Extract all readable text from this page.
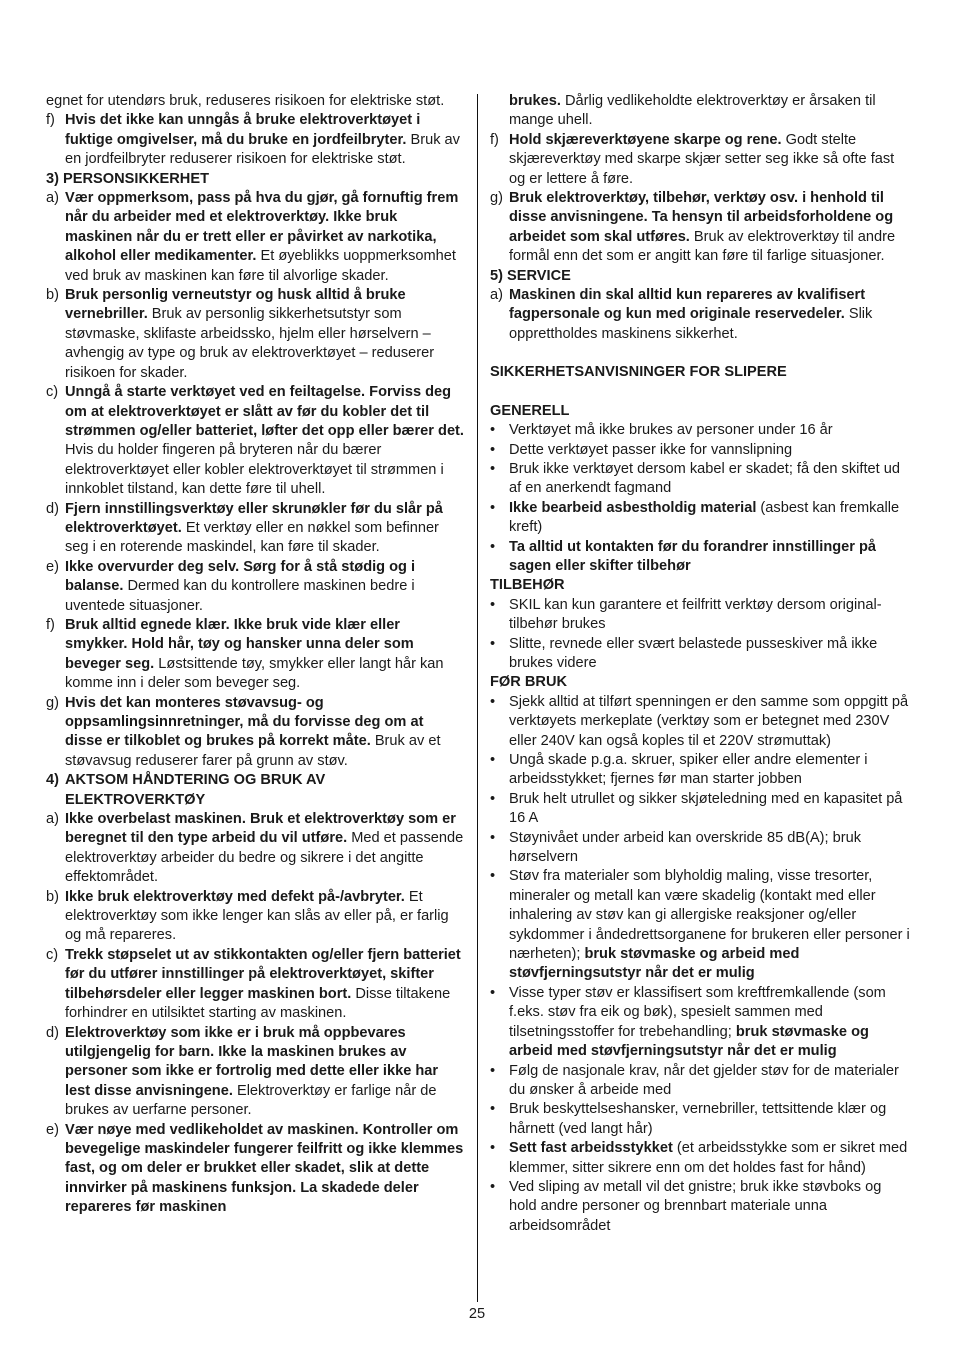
egnet for utendørs bruk, reduseres risikoen for elektriske støt.
f) Hvis det ikke kan unngås å bruke elektroverktøyet i fuktige omgivelser, må du bruke en jordfeilbryter. Bruk av en jordfeilbryter reduserer risikoen for elektriske støt.
3) PERSONSIKKERHET
a) Vær oppmerksom, pass på hva du gjør, gå fornuftig frem når du arbeider med et elektroverktøy. Ikke bruk maskinen når du er trett eller er påvirket av narkotika, alkohol eller medikamenter. Et øyeblikks uoppmerksomhet ved bruk av maskinen kan føre til alvorlige skader.
b) Bruk personlig verneutstyr og husk alltid å bruke vernebriller. Bruk av personlig sikkerhetsutstyr som støvmaske, sklifaste arbeidssko, hjelm eller hørselvern – avhengig av type og bruk av elektroverktøyet – reduserer risikoen for skader.
c) Unngå å starte verktøyet ved en feiltagelse. Forviss deg om at elektroverktøyet er slått av før du kobler det til strømmen og/eller batteriet, løfter det opp eller bærer det. Hvis du holder fingeren på bryteren når du bærer elektroverktøyet eller kobler elektroverktøyet til strømmen i innkoblet tilstand, kan dette føre til uhell.
d) Fjern innstillingsverktøy eller skrunøkler før du slår på elektroverktøyet. Et verktøy eller en nøkkel som befinner seg i en roterende maskindel, kan føre til skader.
e) Ikke overvurder deg selv. Sørg for å stå stødig og i balanse. Dermed kan du kontrollere maskinen bedre i uventede situasjoner.
f) Bruk alltid egnede klær. Ikke bruk vide klær eller smykker. Hold hår, tøy og hansker unna deler som beveger seg. Løstsittende tøy, smykker eller langt hår kan komme inn i deler som beveger seg.
g) Hvis det kan monteres støvavsug- og oppsamlingsinnretninger, må du forvisse deg om at disse er tilkoblet og brukes på korrekt måte. Bruk av et støvavsug reduserer farer på grunn av støv.
4) AKTSOM HÅNDTERING OG BRUK AV ELEKTROVERKTØY
a) Ikke overbelast maskinen. Bruk et elektroverktøy som er beregnet til den type arbeid du vil utføre. Med et passende elektroverktøy arbeider du bedre og sikrere i det angitte effektområdet.
b) Ikke bruk elektroverktøy med defekt på-/avbryter. Et elektroverktøy som ikke lenger kan slås av eller på, er farlig og må repareres.
c) Trekk støpselet ut av stikkontakten og/eller fjern batteriet før du utfører innstillinger på elektroverktøyet, skifter tilbehørsdeler eller legger maskinen bort. Disse tiltakene forhindrer en utilsiktet starting av maskinen.
d) Elektroverktøy som ikke er i bruk må oppbevares utilgjengelig for barn. Ikke la maskinen brukes av personer som ikke er fortrolig med dette eller ikke har lest disse anvisningene. Elektroverktøy er farlige når de brukes av uerfarne personer.
e) Vær nøye med vedlikeholdet av maskinen. Kontroller om bevegelige maskindeler fungerer feilfritt og ikke klemmes fast, og om deler er brukket eller skadet, slik at dette innvirker på maskinens funksjon. La skadede deler repareres før maskinen
brukes. Dårlig vedlikeholdte elektroverktøy er årsaken til mange uhell.
f) Hold skjæreverktøyene skarpe og rene. Godt stelte skjæreverktøy med skarpe skjær setter seg ikke så ofte fast og er lettere å føre.
g) Bruk elektroverktøy, tilbehør, verktøy osv. i henhold til disse anvisningene. Ta hensyn til arbeidsforholdene og arbeidet som skal utføres. Bruk av elektroverktøy til andre formål enn det som er angitt kan føre til farlige situasjoner.
5) SERVICE
a) Maskinen din skal alltid kun repareres av kvalifisert fagpersonale og kun med originale reservedeler. Slik opprettholdes maskinens sikkerhet.
SIKKERHETSANVISNINGER FOR SLIPERE
GENERELL
• Verktøyet må ikke brukes av personer under 16 år
• Dette verktøyet passer ikke for vannslipning
• Bruk ikke verktøyet dersom kabel er skadet; få den skiftet ud af en anerkendt fagmand
• Ikke bearbeid asbestholdig material (asbest kan fremkalle kreft)
• Ta alltid ut kontakten før du forandrer innstillinger på sagen eller skifter tilbehør
TILBEHØR
• SKIL kan kun garantere et feilfritt verktøy dersom original-tilbehør brukes
• Slitte, revnede eller svært belastede pusseskiver må ikke brukes videre
FØR BRUK
• Sjekk alltid at tilført spenningen er den samme som oppgitt på verktøyets merkeplate (verktøy som er betegnet med 230V eller 240V kan også koples til et 220V strømuttak)
• Ungå skade p.g.a. skruer, spiker eller andre elementer i arbeidsstykket; fjernes før man starter jobben
• Bruk helt utrullet og sikker skjøteledning med en kapasitet på 16 A
• Støynivået under arbeid kan overskride 85 dB(A); bruk hørselvern
• Støv fra materialer som blyholdig maling, visse tresorter, mineraler og metall kan være skadelig (kontakt med eller inhalering av støv kan gi allergiske reaksjoner og/eller sykdommer i åndedrettsorganene for brukeren eller personer i nærheten); bruk støvmaske og arbeid med støvfjerningsutstyr når det er mulig
• Visse typer støv er klassifisert som kreftfremkallende (som f.eks. støv fra eik og bøk), spesielt sammen med tilsetningsstoffer for trebehandling; bruk støvmaske og arbeid med støvfjerningsutstyr når det er mulig
• Følg de nasjonale krav, når det gjelder støv for de materialer du ønsker å arbeide med
• Bruk beskyttelseshansker, vernebriller, tettsittende klær og hårnett (ved langt hår)
• Sett fast arbeidsstykket (et arbeidsstykke som er sikret med klemmer, sitter sikrere enn om det holdes fast for hånd)
• Ved sliping av metall vil det gnistre; bruk ikke støvboks og hold andre personer og brennbart materiale unna arbeidsområdet
25
